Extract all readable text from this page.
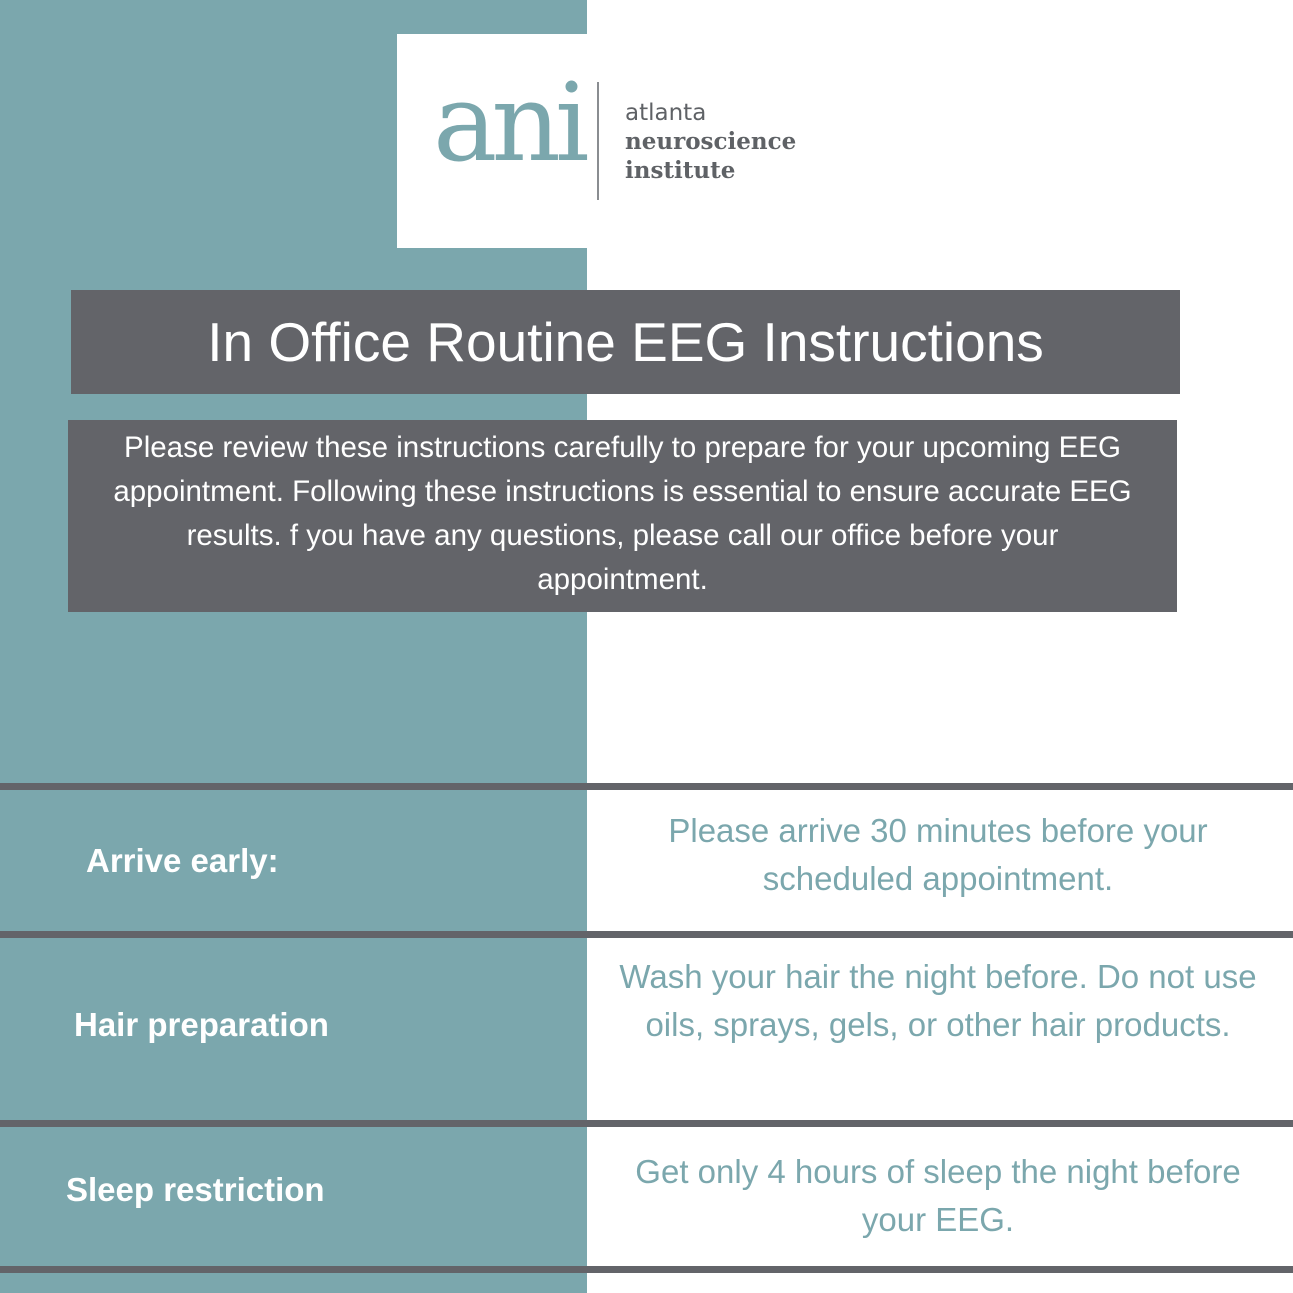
ani atlanta
neuroscience
institute
In Office Routine EEG Instructions

Please review these instructions carefully to prepare for your upcoming EEG
appointment. Following these instructions is essential to ensure accurate EEG
results. f you have any questions, please call our office before your
appointment.

Arrive early:
Please arrive 30 minutes before your
scheduled appointment.
Hair preparation
Wash your hair the night before. Do not use
oils, sprays, gels, or other hair products.
Sleep restriction	Get only 4 hours of sleep the night before
your EEG.
